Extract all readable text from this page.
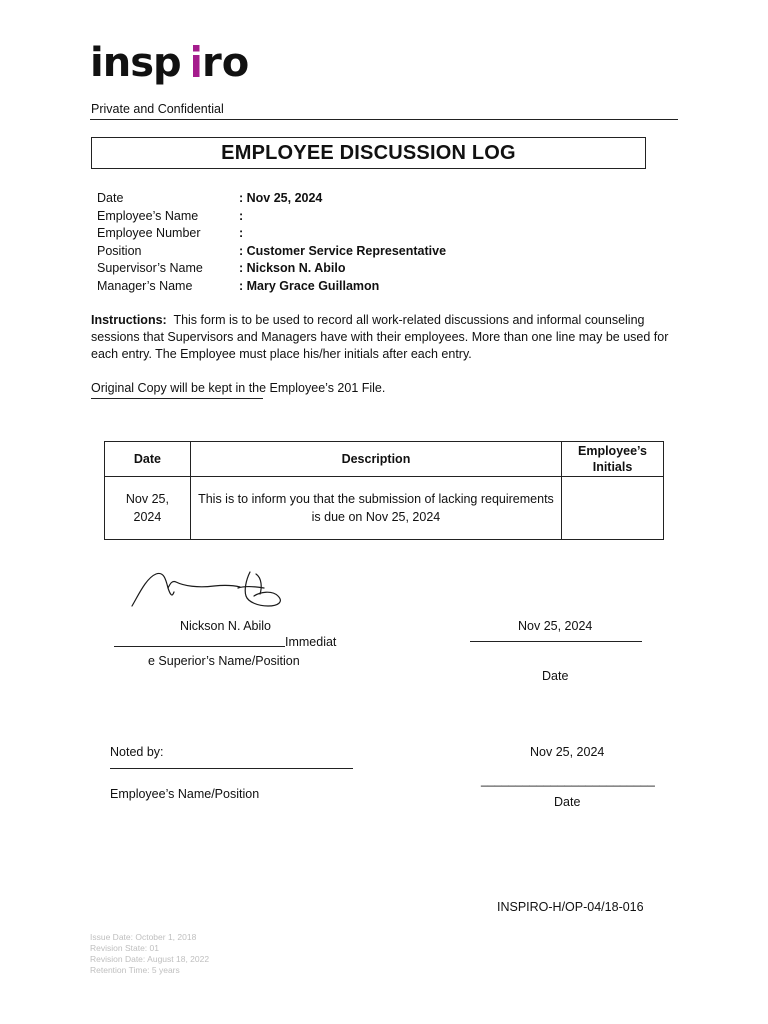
insp ro
Private and Confidential
EMPLOYEE DISCUSSION LOG
Date	: Nov 25, 2024
Employee’s Name	:
Employee Number	:
Position	: Customer Service Representative
Supervisor’s Name	: Nickson N. Abilo
Manager’s Name	: Mary Grace Guillamon
Instructions: This form is to be used to record all work-related discussions and informal counseling sessions that Supervisors and Managers have with their employees. More than one line may be used for each entry. The Employee must place his/her initials after each entry.
Original Copy will be kept in the Employee’s 201 File.
Date	Description	Employee’s Initials
Nov 25, 2024	This is to inform you that the submission of lacking requirements is due on Nov 25, 2024	
Nickson N. Abilo
Immediat
e Superior’s Name/Position
Nov 25, 2024
Date
Noted by:
Employee’s Name/Position
Nov 25, 2024
_________________________
Date
INSPIRO-H/OP-04/18-016
Issue Date: October 1, 2018
Revision State: 01
Revision Date: August 18, 2022
Retention Time: 5 years
